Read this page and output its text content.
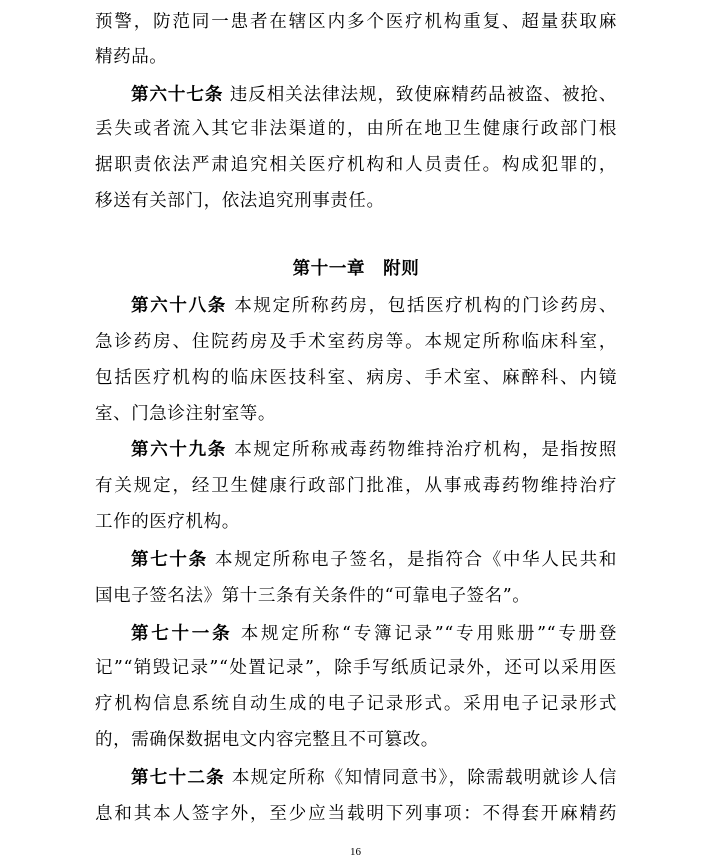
预警，防范同一患者在辖区内多个医疗机构重复、超量获取麻
精药品。
第六十七条 违反相关法律法规，致使麻精药品被盗、被抢、
丢失或者流入其它非法渠道的，由所在地卫生健康行政部门根
据职责依法严肃追究相关医疗机构和人员责任。构成犯罪的，
移送有关部门，依法追究刑事责任。
第十一章　附则
第六十八条 本规定所称药房，包括医疗机构的门诊药房、
急诊药房、住院药房及手术室药房等。本规定所称临床科室，
包括医疗机构的临床医技科室、病房、手术室、麻醉科、内镜
室、门急诊注射室等。
第六十九条 本规定所称戒毒药物维持治疗机构，是指按照
有关规定，经卫生健康行政部门批准，从事戒毒药物维持治疗
工作的医疗机构。
第七十条 本规定所称电子签名，是指符合《中华人民共和
国电子签名法》第十三条有关条件的“可靠电子签名”。
第七十一条 本规定所称“专簿记录”“专用账册”“专册登
记”“销毁记录”“处置记录”，除手写纸质记录外，还可以采用医
疗机构信息系统自动生成的电子记录形式。采用电子记录形式
的，需确保数据电文内容完整且不可篡改。
第七十二条 本规定所称《知情同意书》，除需载明就诊人信
息和其本人签字外，至少应当载明下列事项：不得套开麻精药
16
